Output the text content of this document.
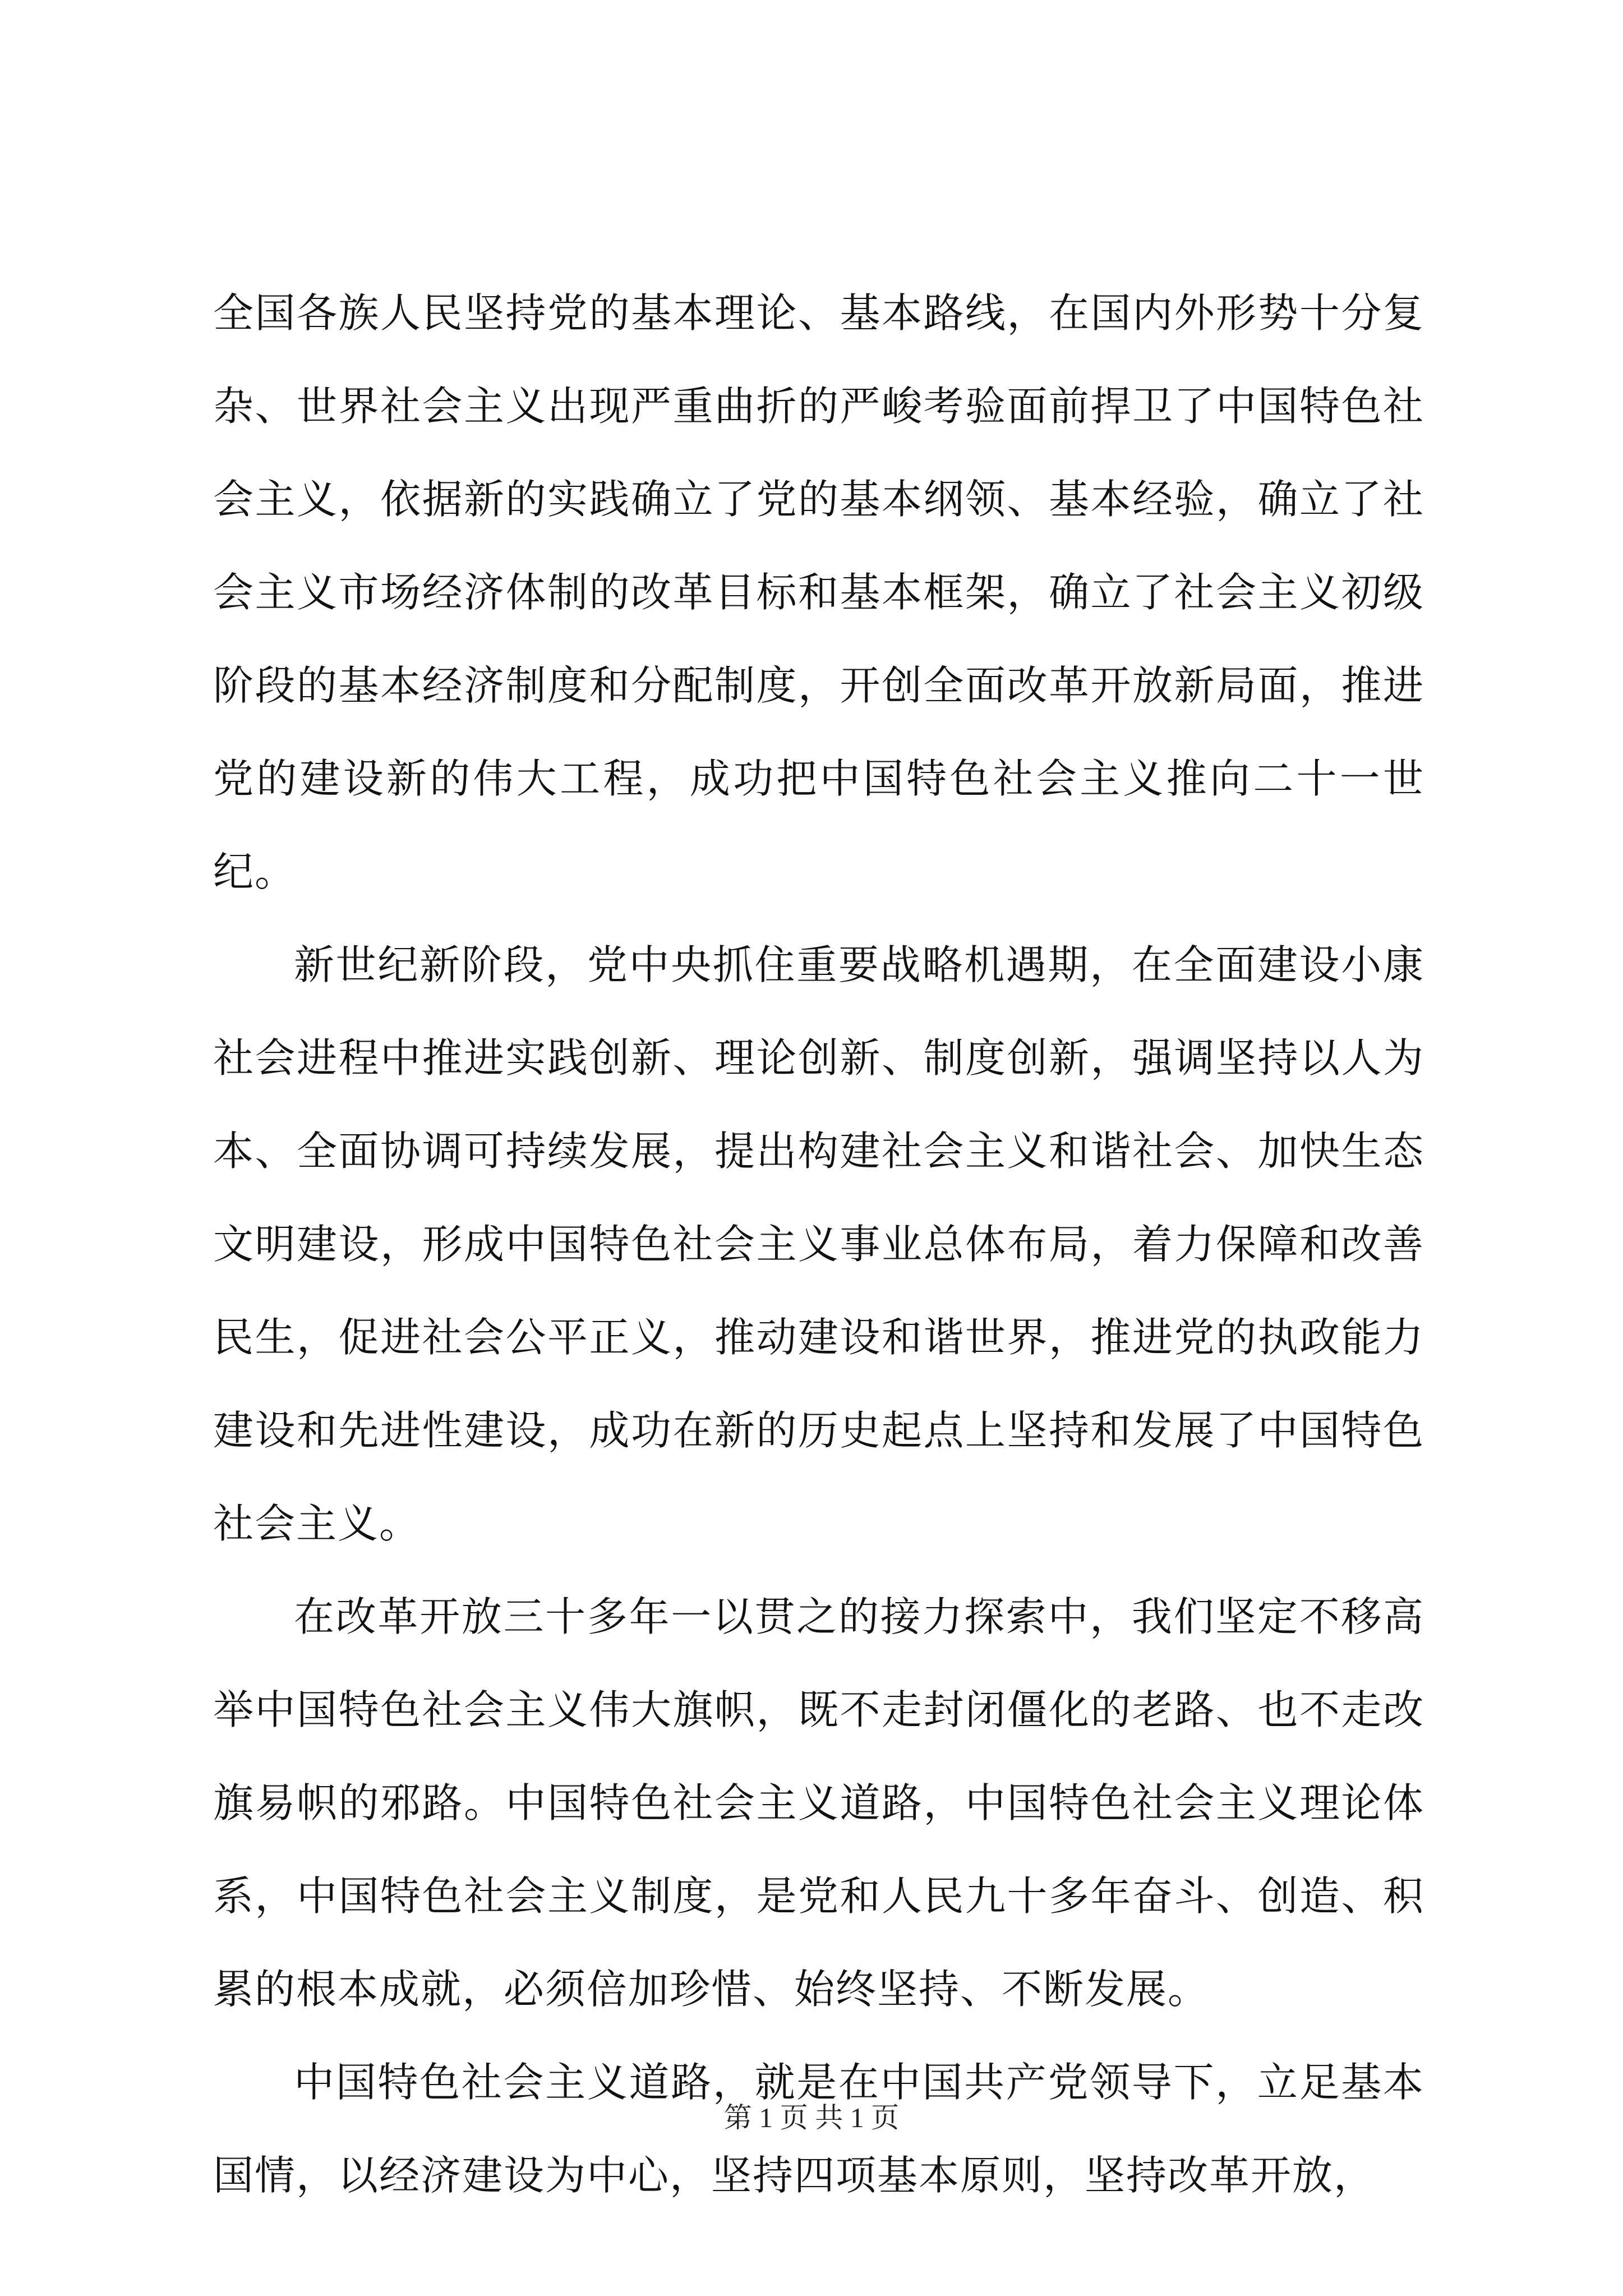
全国各族人民坚持党的基本理论、基本路线，在国内外形势十分复杂、世界社会主义出现严重曲折的严峻考验面前捍卫了中国特色社会主义，依据新的实践确立了党的基本纲领、基本经验，确立了社会主义市场经济体制的改革目标和基本框架，确立了社会主义初级阶段的基本经济制度和分配制度，开创全面改革开放新局面，推进党的建设新的伟大工程，成功把中国特色社会主义推向二十一世纪。

新世纪新阶段，党中央抓住重要战略机遇期，在全面建设小康社会进程中推进实践创新、理论创新、制度创新，强调坚持以人为本、全面协调可持续发展，提出构建社会主义和谐社会、加快生态文明建设，形成中国特色社会主义事业总体布局，着力保障和改善民生，促进社会公平正义，推动建设和谐世界，推进党的执政能力建设和先进性建设，成功在新的历史起点上坚持和发展了中国特色社会主义。

在改革开放三十多年一以贯之的接力探索中，我们坚定不移高举中国特色社会主义伟大旗帜，既不走封闭僵化的老路、也不走改旗易帜的邪路。中国特色社会主义道路，中国特色社会主义理论体系，中国特色社会主义制度，是党和人民九十多年奋斗、创造、积累的根本成就，必须倍加珍惜、始终坚持、不断发展。

中国特色社会主义道路，就是在中国共产党领导下，立足基本国情，以经济建设为中心，坚持四项基本原则，坚持改革开放，

第 1 页 共 1 页
